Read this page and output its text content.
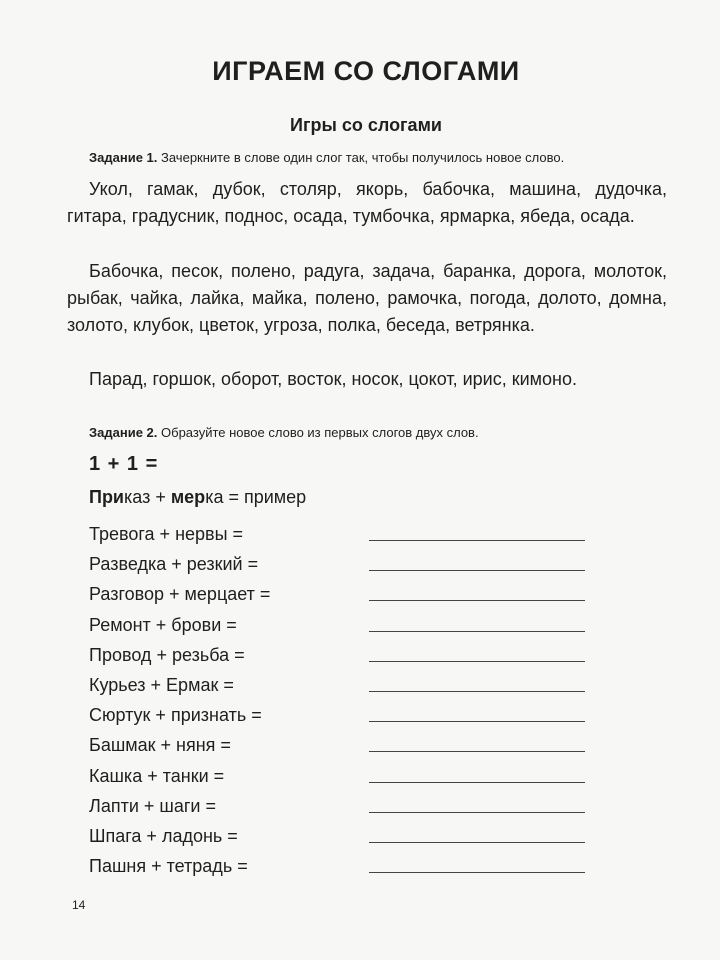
ИГРАЕМ СО СЛОГАМИ
Игры со слогами

Задание 1. Зачеркните в слове один слог так, чтобы получилось новое слово.

Укол, гамак, дубок, столяр, якорь, бабочка, машина, дудочка, гитара, градусник, поднос, осада, тумбочка, ярмарка, ябеда, осада.

Бабочка, песок, полено, радуга, задача, баранка, дорога, молоток, рыбак, чайка, лайка, майка, полено, рамочка, погода, долото, домна, золото, клубок, цветок, угроза, полка, беседа, ветрянка.

Парад, горшок, оборот, восток, носок, цокот, ирис, кимоно.

Задание 2. Образуйте новое слово из первых слогов двух слов.

1 + 1 =

Приказ + мерка = пример

Тревога + нервы =
Разведка + резкий =
Разговор + мерцает =
Ремонт + брови =
Провод + резьба =
Курьез + Ермак =
Сюртук + признать =
Башмак + няня =
Кашка + танки =
Лапти + шаги =
Шпага + ладонь =
Пашня + тетрадь =

14
